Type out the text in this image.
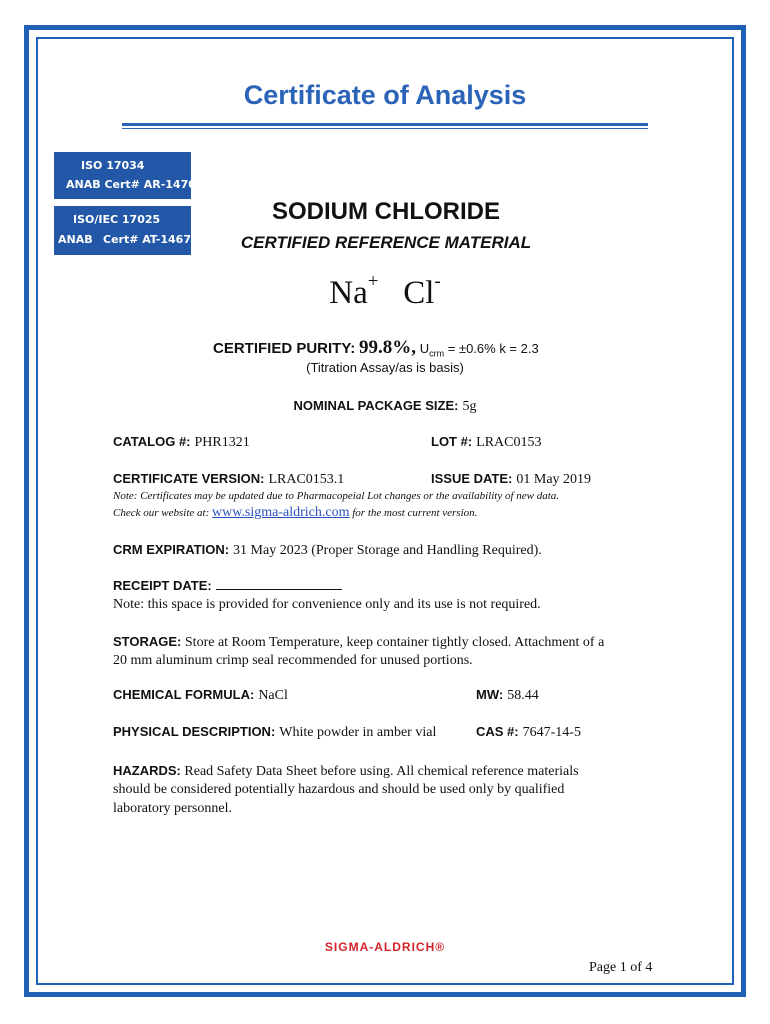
Certificate of Analysis
ISO 17034
ANAB Cert# AR-1470
ISO/IEC 17025
ANAB Cert# AT-1467
SODIUM CHLORIDE
CERTIFIED REFERENCE MATERIAL
Na+ Cl-
CERTIFIED PURITY: 99.8%, $U_{crm} = \pm 0.6\%$ k = 2.3
(Titration Assay/as is basis)
NOMINAL PACKAGE SIZE: 5g
CATALOG #: PHR1321	LOT #: LRAC0153
CERTIFICATE VERSION: LRAC0153.1	ISSUE DATE: 01 May 2019
Note: Certificates may be updated due to Pharmacopeial Lot changes or the availability of new data.
Check our website at: www.sigma-aldrich.com for the most current version.
CRM EXPIRATION: 31 May 2023 (Proper Storage and Handling Required).
RECEIPT DATE:
Note: this space is provided for convenience only and its use is not required.
STORAGE: Store at Room Temperature, keep container tightly closed. Attachment of a
20 mm aluminum crimp seal recommended for unused portions.
CHEMICAL FORMULA: NaCl	MW: 58.44
PHYSICAL DESCRIPTION: White powder in amber vial	CAS #: 7647-14-5
HAZARDS: Read Safety Data Sheet before using. All chemical reference materials
should be considered potentially hazardous and should be used only by qualified
laboratory personnel.
SIGMA-ALDRICH®
Page 1 of 4
